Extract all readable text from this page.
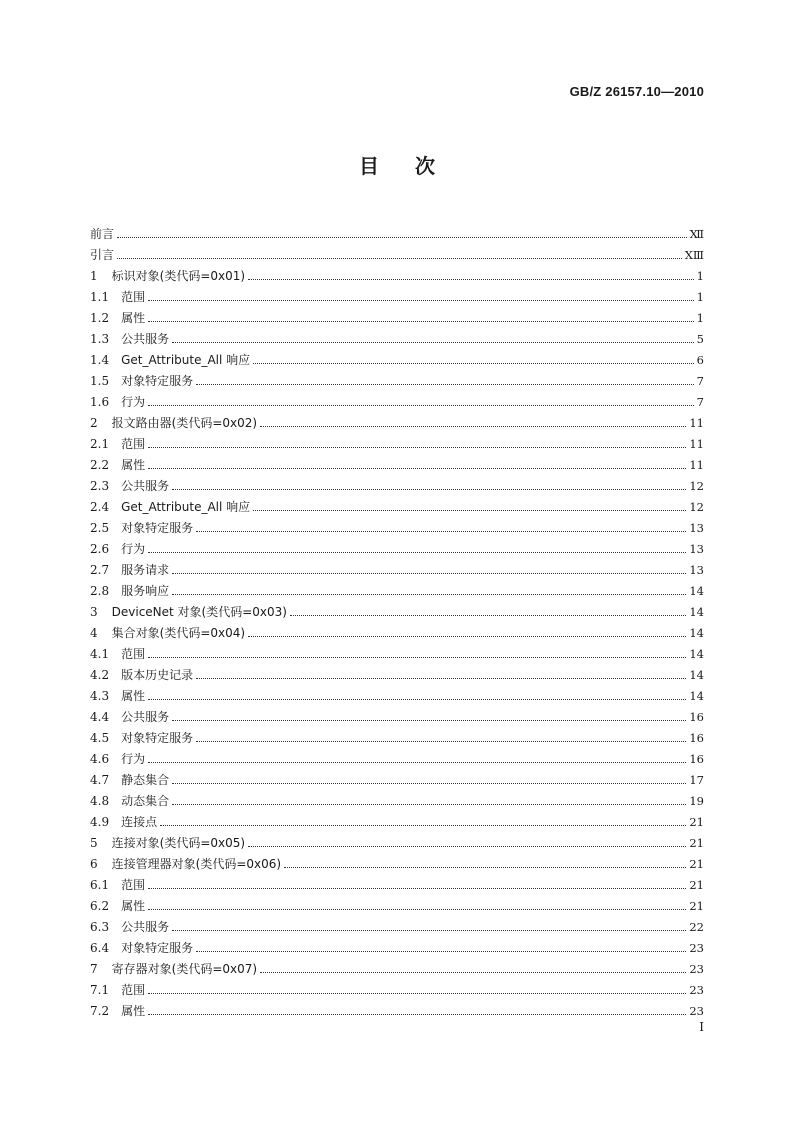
GB/Z 26157.10—2010
目次
前言	Ⅻ
引言	ⅩⅢ
1 标识对象(类代码=0x01)	1
1.1 范围	1
1.2 属性	1
1.3 公共服务	5
1.4 Get_Attribute_All 响应	6
1.5 对象特定服务	7
1.6 行为	7
2 报文路由器(类代码=0x02)	11
2.1 范围	11
2.2 属性	11
2.3 公共服务	12
2.4 Get_Attribute_All 响应	12
2.5 对象特定服务	13
2.6 行为	13
2.7 服务请求	13
2.8 服务响应	14
3 DeviceNet 对象(类代码=0x03)	14
4 集合对象(类代码=0x04)	14
4.1 范围	14
4.2 版本历史记录	14
4.3 属性	14
4.4 公共服务	16
4.5 对象特定服务	16
4.6 行为	16
4.7 静态集合	17
4.8 动态集合	19
4.9 连接点	21
5 连接对象(类代码=0x05)	21
6 连接管理器对象(类代码=0x06)	21
6.1 范围	21
6.2 属性	21
6.3 公共服务	22
6.4 对象特定服务	23
7 寄存器对象(类代码=0x07)	23
7.1 范围	23
7.2 属性	23
Ⅰ
